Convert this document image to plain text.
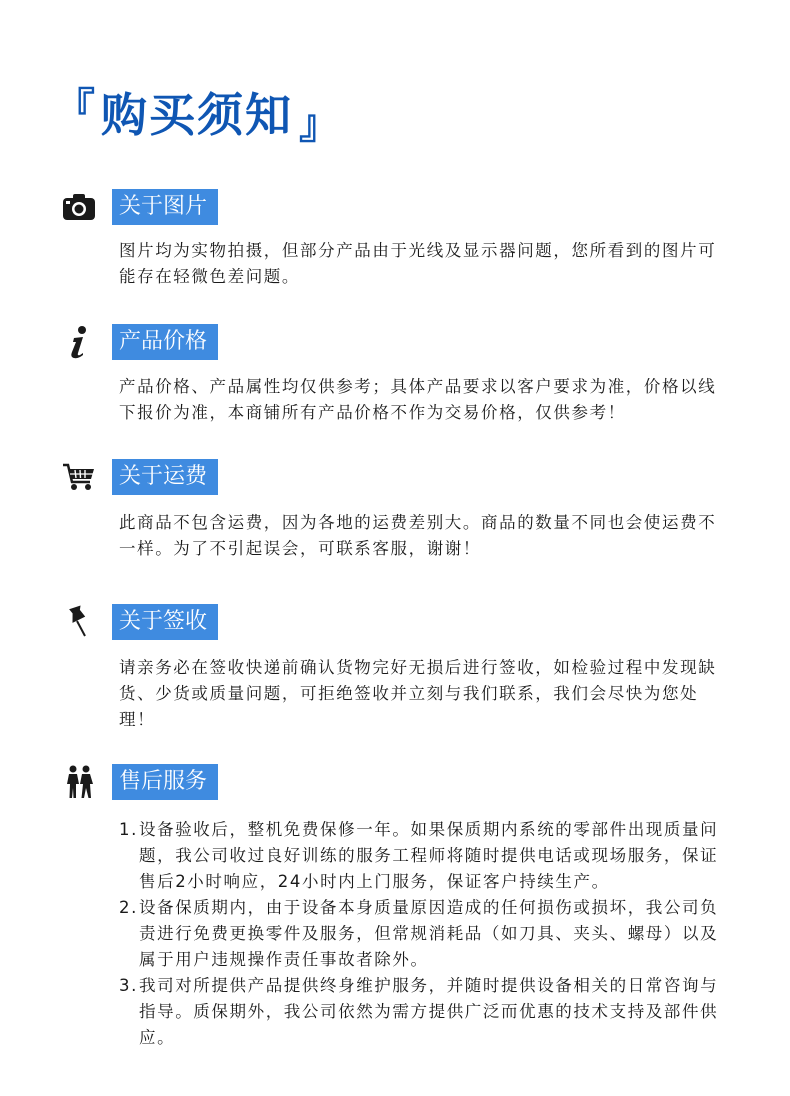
『 购买须知 』
关于图片

图片均为实物拍摄，但部分产品由于光线及显示器问题，您所看到的图片可能存在轻微色差问题。

产品价格

产品价格、产品属性均仅供参考；具体产品要求以客户要求为准，价格以线下报价为准，本商铺所有产品价格不作为交易价格，仅供参考！

关于运费

此商品不包含运费，因为各地的运费差别大。商品的数量不同也会使运费不一样。为了不引起误会，可联系客服，谢谢！

关于签收

请亲务必在签收快递前确认货物完好无损后进行签收，如检验过程中发现缺货、少货或质量问题，可拒绝签收并立刻与我们联系，我们会尽快为您处理！

售后服务
1.设备验收后，整机免费保修一年。如果保质期内系统的零部件出现质量问题，我公司收过良好训练的服务工程师将随时提供电话或现场服务，保证售后2小时响应，24小时内上门服务，保证客户持续生产。
2.设备保质期内，由于设备本身质量原因造成的任何损伤或损坏，我公司负责进行免费更换零件及服务，但常规消耗品（如刀具、夹头、螺母）以及属于用户违规操作责任事故者除外。
3.我司对所提供产品提供终身维护服务，并随时提供设备相关的日常咨询与指导。质保期外，我公司依然为需方提供广泛而优惠的技术支持及部件供应。
